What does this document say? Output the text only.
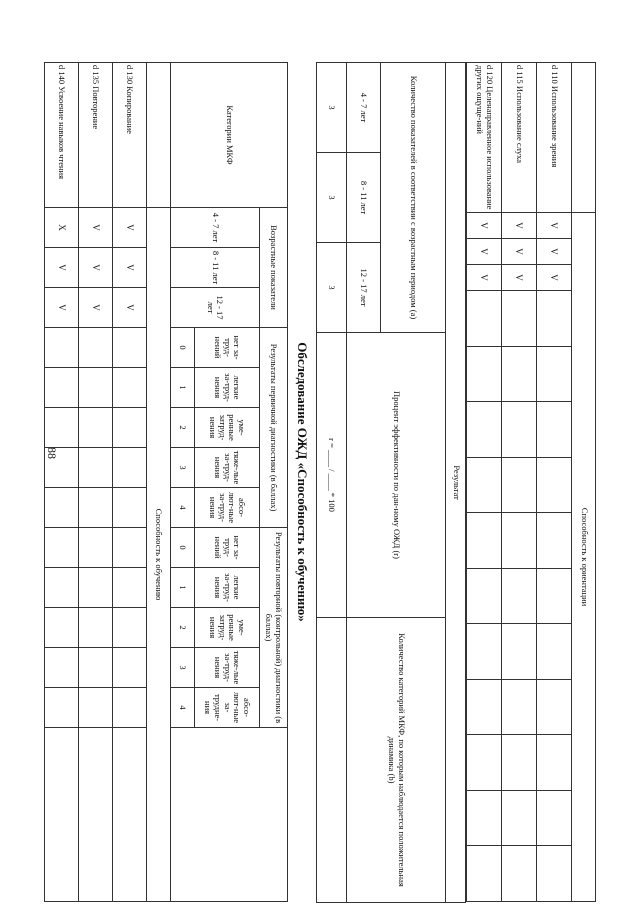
88
	Способность к ориентации													
d 110 Использование зрения	V	V	V											
d 115 Использование слуха	V	V	V											
d 120 Целенаправленное использование других ощуще-ний	V	V	V											
Результат				
Количество показателей в соответствии с возрастным периодом (a)			Процент эффективности по дан-ному ОЖД (r)	Количество категорий МКФ, по которым наблюдается положительная динамика (b)
4 - 7 лет	8 - 11 лет	12 - 17 лет		
3	3	3	r = ____ / ____ * 100	
Обследование ОЖД «Способность к обучению»
Категории МКФ	Возрастные показатели			Результаты первичной диагностики (в баллах)					Результаты повторной (контрольной) диагностики (в баллах)					
	4 - 7 лет	8 - 11 лет	12 - 17 лет	нет за-труд-нений	легкие за-труд-нения	уме-ренные затруд-нения	тяже-лые за-труд-нения	абсо-лют-ные за-труд-нения	нет за-труд-нений	легкие за-труд-нения	уме-ренные затруд-нения	тяже-лые за-труд-нения	абсо-лют-ные за-трудне-ния	
				0	1	2	3	4	0	1	2	3	4	
	Способность к обучению													
d 130 Копирование	V	V	V											
d 135 Повторение	V	V	V											
d 140 Усвоение навыков чтения	X	V	V											
